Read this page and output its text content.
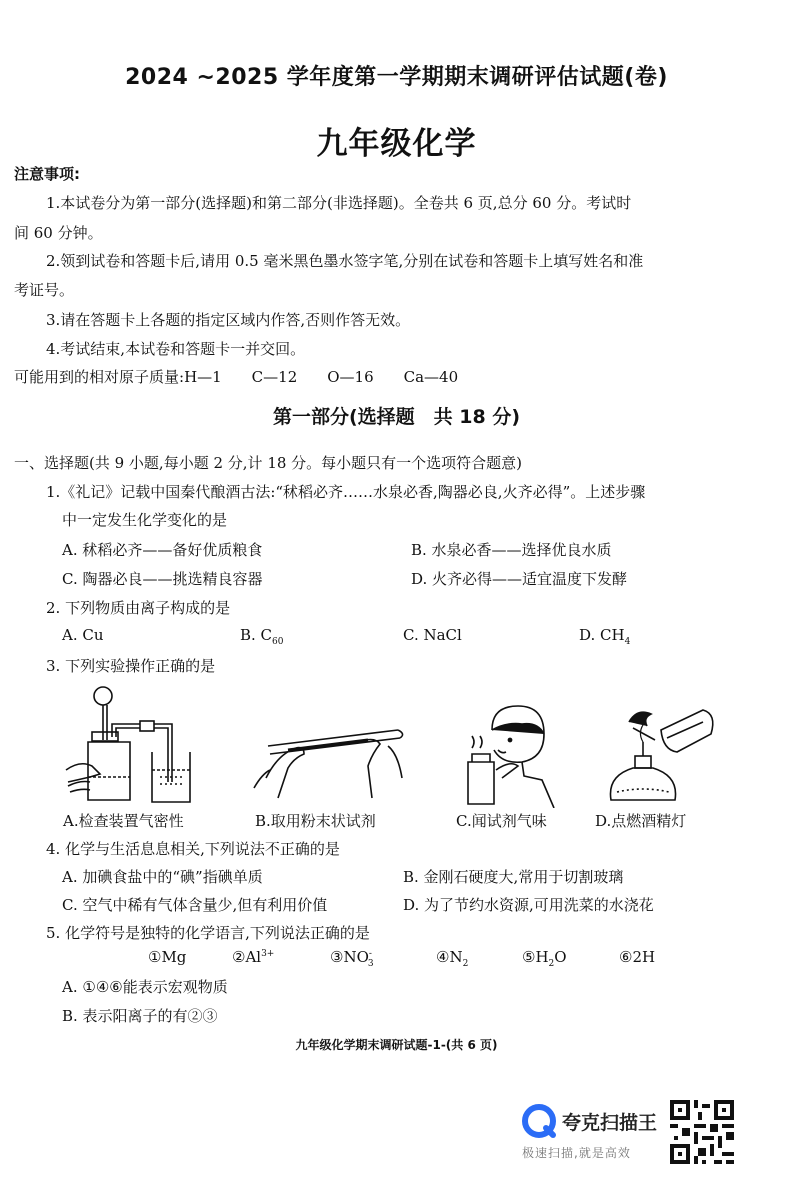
2024 ~2025 学年度第一学期期末调研评估试题(卷)
九年级化学
注意事项:
1.本试卷分为第一部分(选择题)和第二部分(非选择题)。全卷共 6 页,总分 60 分。考试时
间 60 分钟。
2.领到试卷和答题卡后,请用 0.5 毫米黑色墨水签字笔,分别在试卷和答题卡上填写姓名和准
考证号。
3.请在答题卡上各题的指定区域内作答,否则作答无效。
4.考试结束,本试卷和答题卡一并交回。
可能用到的相对原子质量:H—1　　C—12　　O—16　　Ca—40
第一部分(选择题　共 18 分)
一、选择题(共 9 小题,每小题 2 分,计 18 分。每小题只有一个选项符合题意)
1.《礼记》记载中国秦代酿酒古法:“秫稻必齐……水泉必香,陶器必良,火齐必得”。上述步骤
中一定发生化学变化的是
A. 秫稻必齐——备好优质粮食	B. 水泉必香——选择优良水质
C. 陶器必良——挑选精良容器	D. 火齐必得——适宜温度下发酵
2. 下列物质由离子构成的是
A. Cu	B. $C_{60}$	C. NaCl	D. $CH_4$
3. 下列实验操作正确的是
A.检查装置气密性	B.取用粉末状试剂	C.闻试剂气味	D.点燃酒精灯
4. 化学与生活息息相关,下列说法不正确的是
A. 加碘食盐中的“碘”指碘单质	B. 金刚石硬度大,常用于切割玻璃
C. 空气中稀有气体含量少,但有利用价值	D. 为了节约水资源,可用洗菜的水浇花
5. 化学符号是独特的化学语言,下列说法正确的是
①Mg	$②Al^{3+}$	$③NO^-_3$	$④N_2$	$⑤H_2O$	⑥2H
A. ①④⑥能表示宏观物质
B. 表示阳离子的有②③
九年级化学期末调研试题-1-(共 6 页)
夸克扫描王
极速扫描,就是高效
